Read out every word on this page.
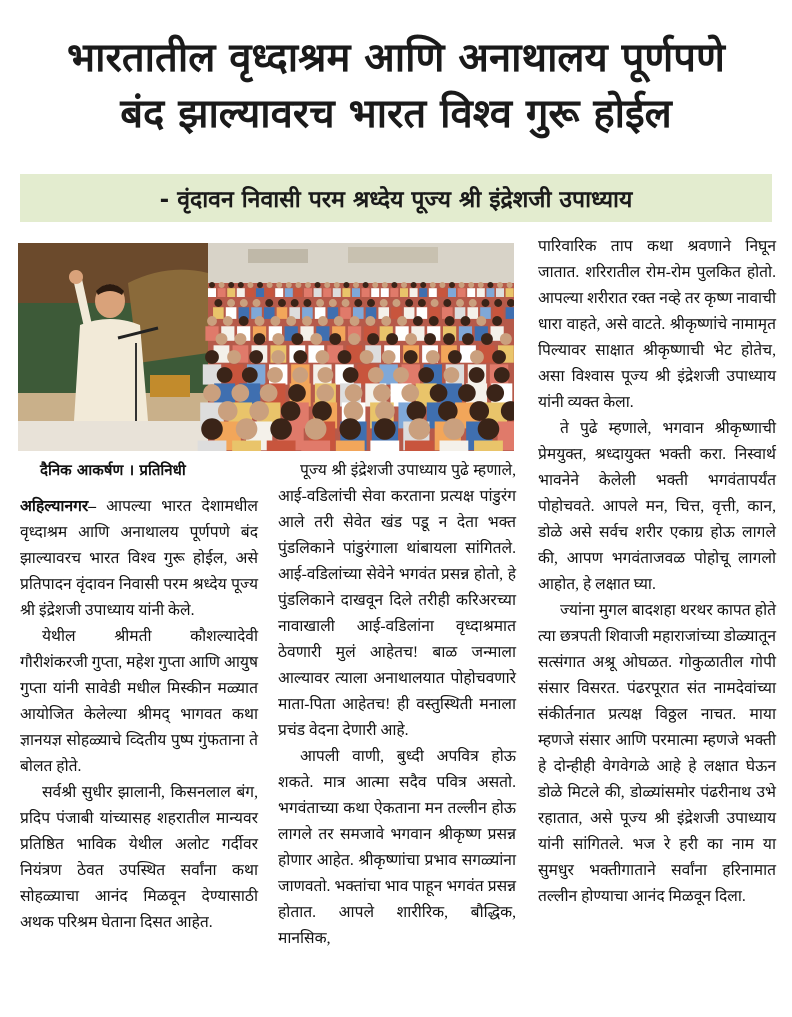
भारतातील वृध्दाश्रम आणि अनाथालय पूर्णपणे
बंद झाल्यावरच भारत विश्व गुरू होईल
- वृंदावन निवासी परम श्रध्देय पूज्य श्री इंद्रेशजी उपाध्याय
दैनिक आकर्षण । प्रतिनिधी

अहिल्यानगर– आपल्या भारत देशामधील वृध्दाश्रम आणि अनाथालय पूर्णपणे बंद झाल्यावरच भारत विश्व गुरू होईल, असे प्रतिपादन वृंदावन निवासी परम श्रध्देय पूज्य श्री इंद्रेशजी उपाध्याय यांनी केले.

येथील श्रीमती कौशल्यादेवी गौरीशंकरजी गुप्ता, महेश गुप्ता आणि आयुष गुप्ता यांनी सावेडी मधील मिस्कीन मळ्यात आयोजित केलेल्या श्रीमद् भागवत कथा ज्ञानयज्ञ सोहळ्याचे व्दितीय पुष्प गुंफताना ते बोलत होते.

सर्वश्री सुधीर झालानी, किसनलाल बंग, प्रदिप पंजाबी यांच्यासह शहरातील मान्यवर प्रतिष्ठित भाविक येथील अलोट गर्दीवर नियंत्रण ठेवत उपस्थित सर्वांना कथा सोहळ्याचा आनंद मिळवून देण्यासाठी अथक परिश्रम घेताना दिसत आहेत.

पूज्य श्री इंद्रेशजी उपाध्याय पुढे म्हणाले, आई-वडिलांची सेवा करताना प्रत्यक्ष पांडुरंग आले तरी सेवेत खंड पडू न देता भक्त पुंडलिकाने पांडुरंगाला थांबायला सांगितले. आई-वडिलांच्या सेवेने भगवंत प्रसन्न होतो, हे पुंडलिकाने दाखवून दिले तरीही करिअरच्या नावाखाली आई-वडिलांना वृध्दाश्रमात ठेवणारी मुलं आहेतच! बाळ जन्माला आल्यावर त्याला अनाथालयात पोहोचवणारे माता-पिता आहेतच! ही वस्तुस्थिती मनाला प्रचंड वेदना देणारी आहे.

आपली वाणी, बुध्दी अपवित्र होऊ शकते. मात्र आत्मा सदैव पवित्र असतो. भगवंताच्या कथा ऐकताना मन तल्लीन होऊ लागले तर समजावे भगवान श्रीकृष्ण प्रसन्न होणार आहेत. श्रीकृष्णांचा प्रभाव सगळ्यांना जाणवतो. भक्तांचा भाव पाहून भगवंत प्रसन्न होतात. आपले शारीरिक, बौद्धिक, मानसिक,

पारिवारिक ताप कथा श्रवणाने निघून जातात. शरिरातील रोम-रोम पुलकित होतो. आपल्या शरीरात रक्त नव्हे तर कृष्ण नावाची धारा वाहते, असे वाटते. श्रीकृष्णांचे नामामृत पिल्यावर साक्षात श्रीकृष्णाची भेट होतेच, असा विश्वास पूज्य श्री इंद्रेशजी उपाध्याय यांनी व्यक्त केला.

ते पुढे म्हणाले, भगवान श्रीकृष्णाची प्रेमयुक्त, श्रध्दायुक्त भक्ती करा. निस्वार्थ भावनेने केलेली भक्ती भगवंतापर्यंत पोहोचवते. आपले मन, चित्त, वृत्ती, कान, डोळे असे सर्वच शरीर एकाग्र होऊ लागले की, आपण भगवंताजवळ पोहोचू लागलो आहोत, हे लक्षात घ्या.

ज्यांना मुगल बादशहा थरथर कापत होते त्या छत्रपती शिवाजी महाराजांच्या डोळ्यातून सत्संगात अश्रू ओघळत. गोकुळातील गोपी संसार विसरत. पंढरपूरात संत नामदेवांच्या संकीर्तनात प्रत्यक्ष विठ्ठल नाचत. माया म्हणजे संसार आणि परमात्मा म्हणजे भक्ती हे दोन्हीही वेगवेगळे आहे हे लक्षात घेऊन डोळे मिटले की, डोळ्यांसमोर पंढरीनाथ उभे रहातात, असे पूज्य श्री इंद्रेशजी उपाध्याय यांनी सांगितले. भज रे हरी का नाम या सुमधुर भक्तीगाताने सर्वांना हरिनामात तल्लीन होण्याचा आनंद मिळवून दिला.
